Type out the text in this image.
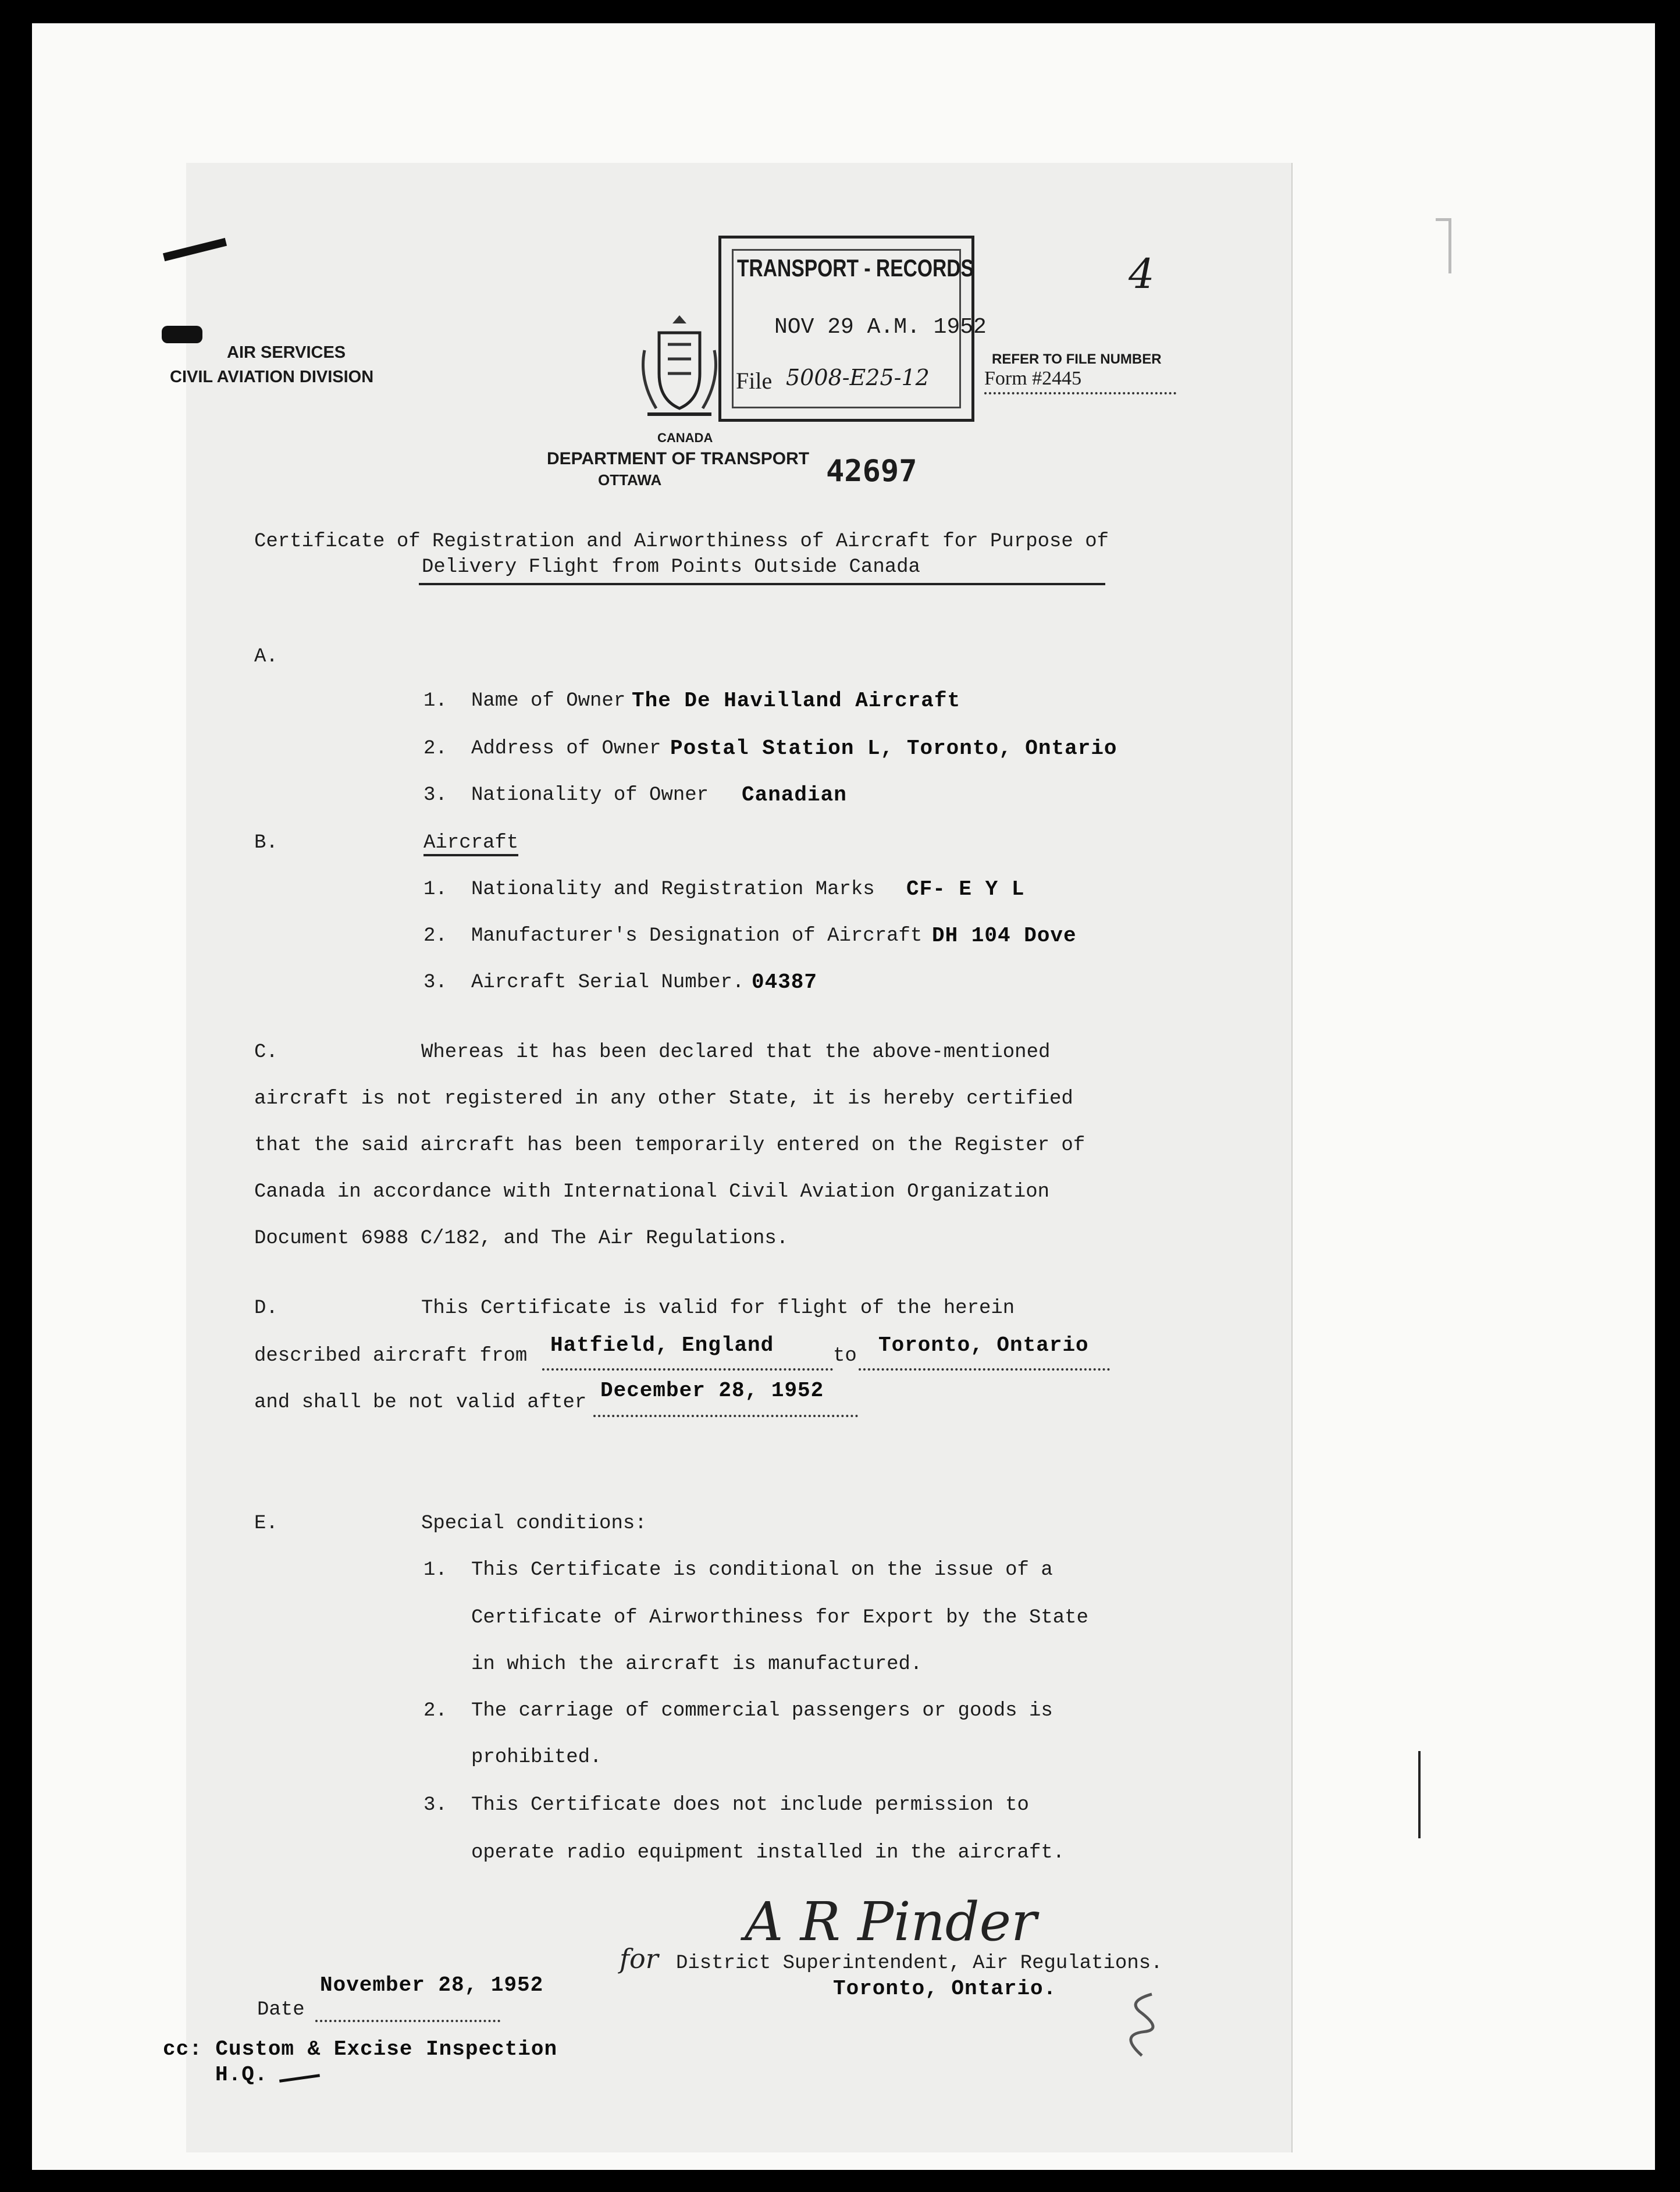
AIR SERVICES
CIVIL AVIATION DIVISION
CANADA
DEPARTMENT OF TRANSPORT
OTTAWA	42697
TRANSPORT - RECORDS
NOV 29 A.M. 1952
File 5008-E25-12
4
REFER TO FILE NUMBER
Form #2445
Certificate of Registration and Airworthiness of Aircraft for Purpose of
Delivery Flight from Points Outside Canada
A.
1. Name of Owner The De Havilland Aircraft
2. Address of Owner Postal Station L, Toronto, Ontario
3. Nationality of Owner Canadian
B.	Aircraft
1. Nationality and Registration Marks CF- E Y L
2. Manufacturer's Designation of Aircraft DH 104 Dove
3. Aircraft Serial Number. 04387
C.	Whereas it has been declared that the above-mentioned
aircraft is not registered in any other State, it is hereby certified
that the said aircraft has been temporarily entered on the Register of
Canada in accordance with International Civil Aviation Organization
Document 6988 C/182, and The Air Regulations.
D.	This Certificate is valid for flight of the herein
described aircraft from Hatfield, England	to Toronto, Ontario
and shall be not valid after December 28, 1952
E.	Special conditions:
1. This Certificate is conditional on the issue of a
Certificate of Airworthiness for Export by the State
in which the aircraft is manufactured.
2. The carriage of commercial passengers or goods is
prohibited.
3. This Certificate does not include permission to
operate radio equipment installed in the aircraft.
A R Pinder
for District Superintendent, Air Regulations.
Toronto, Ontario.
November 28, 1952
Date
cc: Custom & Excise Inspection
H.Q.
